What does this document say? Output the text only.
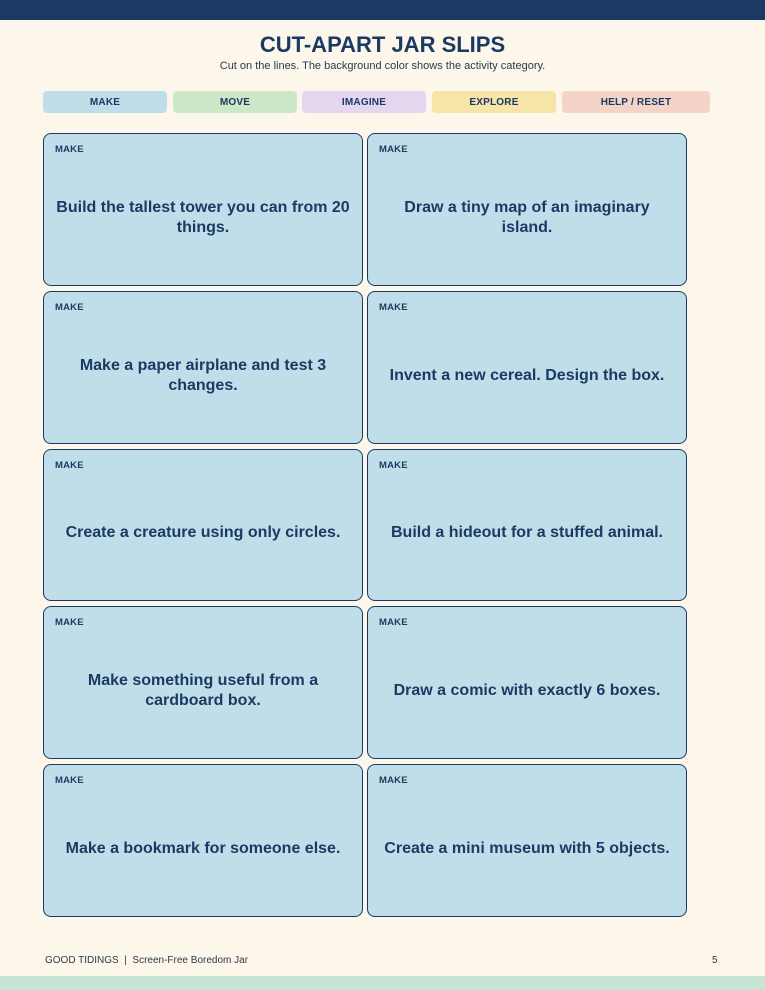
CUT-APART JAR SLIPS
Cut on the lines. The background color shows the activity category.
MAKE	MOVE	IMAGINE	EXPLORE	HELP / RESET
MAKE
Build the tallest tower you can from 20 things.
MAKE
Draw a tiny map of an imaginary island.
MAKE
Make a paper airplane and test 3 changes.
MAKE
Invent a new cereal. Design the box.
MAKE
Create a creature using only circles.
MAKE
Build a hideout for a stuffed animal.
MAKE
Make something useful from a cardboard box.
MAKE
Draw a comic with exactly 6 boxes.
MAKE
Make a bookmark for someone else.
MAKE
Create a mini museum with 5 objects.
GOOD TIDINGS  |  Screen-Free Boredom Jar	5
